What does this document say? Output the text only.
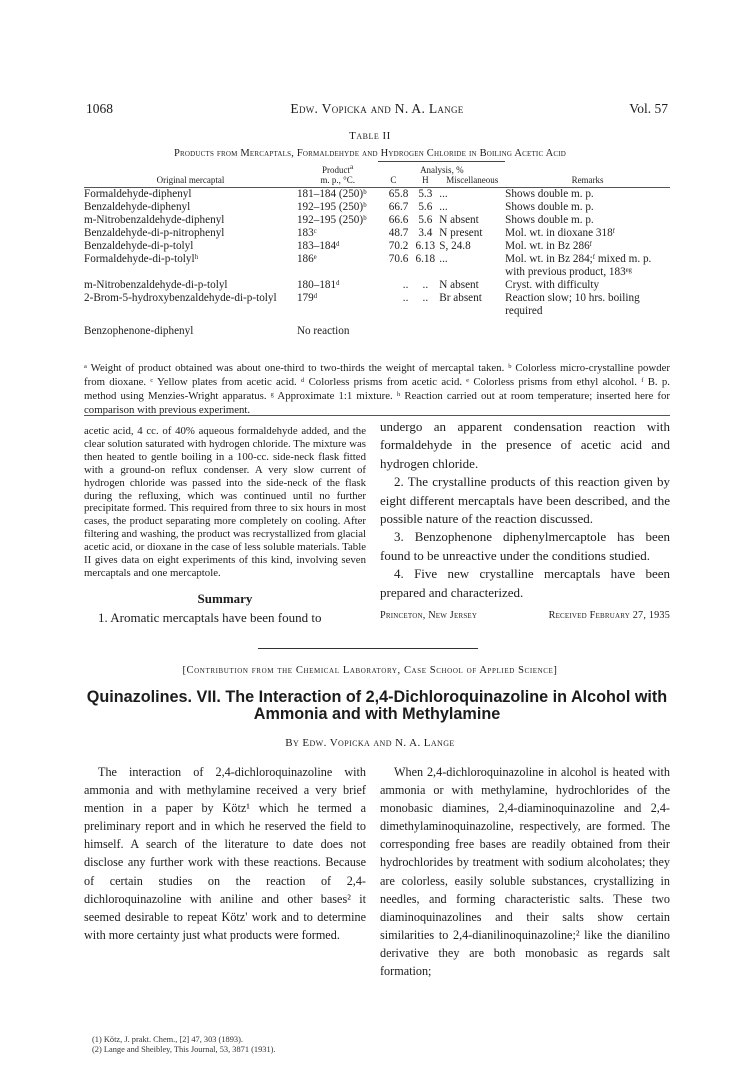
1068	Edw. Vopicka and N. A. Lange	Vol. 57
Table II
Products from Mercaptals, Formaldehyde and Hydrogen Chloride in Boiling Acetic Acid
Original mercaptal	Product$^a$	Analysis, %			Remarks
	m. p., °C.	C	H	Miscellaneous	
Formaldehyde-diphenyl	181–184 (250)ᵇ	65.8	5.3	...	Shows double m. p.
Benzaldehyde-diphenyl	192–195 (250)ᵇ	66.7	5.6	...	Shows double m. p.
m-Nitrobenzaldehyde-diphenyl	192–195 (250)ᵇ	66.6	5.6	N absent	Shows double m. p.
Benzaldehyde-di-p-nitrophenyl	183ᶜ	48.7	3.4	N present	Mol. wt. in dioxane 318ᶠ
Benzaldehyde-di-p-tolyl	183–184ᵈ	70.2	6.13	S, 24.8	Mol. wt. in Bz 286ᶠ
Formaldehyde-di-p-tolylʰ	186ᵉ	70.6	6.18	...	Mol. wt. in Bz 284;ᶠ mixed m. p. with previous product, 183ᵉᵍ
m-Nitrobenzaldehyde-di-p-tolyl	180–181ᵈ	..	..	N absent	Cryst. with difficulty
2-Brom-5-hydroxybenzaldehyde-di-p-tolyl	179ᵈ	..	..	Br absent	Reaction slow; 10 hrs. boiling required
Benzophenone-diphenyl	No reaction				
ᵃ Weight of product obtained was about one-third to two-thirds the weight of mercaptal taken. ᵇ Colorless micro-crystalline powder from dioxane. ᶜ Yellow plates from acetic acid. ᵈ Colorless prisms from acetic acid. ᵉ Colorless prisms from ethyl alcohol. ᶠ B. p. method using Menzies-Wright apparatus. ᵍ Approximate 1:1 mixture. ʰ Reaction carried out at room temperature; inserted here for comparison with previous experiment.
acetic acid, 4 cc. of 40% aqueous formaldehyde added, and the clear solution saturated with hydrogen chloride. The mixture was then heated to gentle boiling in a 100-cc. side-neck flask fitted with a ground-on reflux condenser. A very slow current of hydrogen chloride was passed into the side-neck of the flask during the refluxing, which was continued until no further precipitate formed. This required from three to six hours in most cases, the product separating more completely on cooling. After filtering and washing, the product was recrystallized from glacial acetic acid, or dioxane in the case of less soluble materials. Table II gives data on eight experiments of this kind, involving seven mercaptals and one mercaptole.
Summary
1. Aromatic mercaptals have been found to

undergo an apparent condensation reaction with formaldehyde in the presence of acetic acid and hydrogen chloride.

2. The crystalline products of this reaction given by eight different mercaptals have been described, and the possible nature of the reaction discussed.

3. Benzophenone diphenylmercaptole has been found to be unreactive under the conditions studied.

4. Five new crystalline mercaptals have been prepared and characterized.

Princeton, New Jersey	Received February 27, 1935
[Contribution from the Chemical Laboratory, Case School of Applied Science]
Quinazolines. VII. The Interaction of 2,4-Dichloroquinazoline in Alcohol with Ammonia and with Methylamine
By Edw. Vopicka and N. A. Lange
The interaction of 2,4-dichloroquinazoline with ammonia and with methylamine received a very brief mention in a paper by Kötz¹ which he termed a preliminary report and in which he reserved the field to himself. A search of the literature to date does not disclose any further work with these reactions. Because of certain studies on the reaction of 2,4-dichloroquinazoline with aniline and other bases² it seemed desirable to repeat Kötz' work and to determine with more certainty just what products were formed.
When 2,4-dichloroquinazoline in alcohol is heated with ammonia or with methylamine, hydrochlorides of the monobasic diamines, 2,4-diaminoquinazoline and 2,4-dimethylaminoquinazoline, respectively, are formed. The corresponding free bases are readily obtained from their hydrochlorides by treatment with sodium alcoholates; they are colorless, easily soluble substances, crystallizing in needles, and forming characteristic salts. These two diaminoquinazolines and their salts show certain similarities to 2,4-dianilinoquinazoline;² like the dianilino derivative they are both monobasic as regards salt formation;
(1) Kötz, J. prakt. Chem., [2] 47, 303 (1893).
(2) Lange and Sheibley, This Journal, 53, 3871 (1931).
